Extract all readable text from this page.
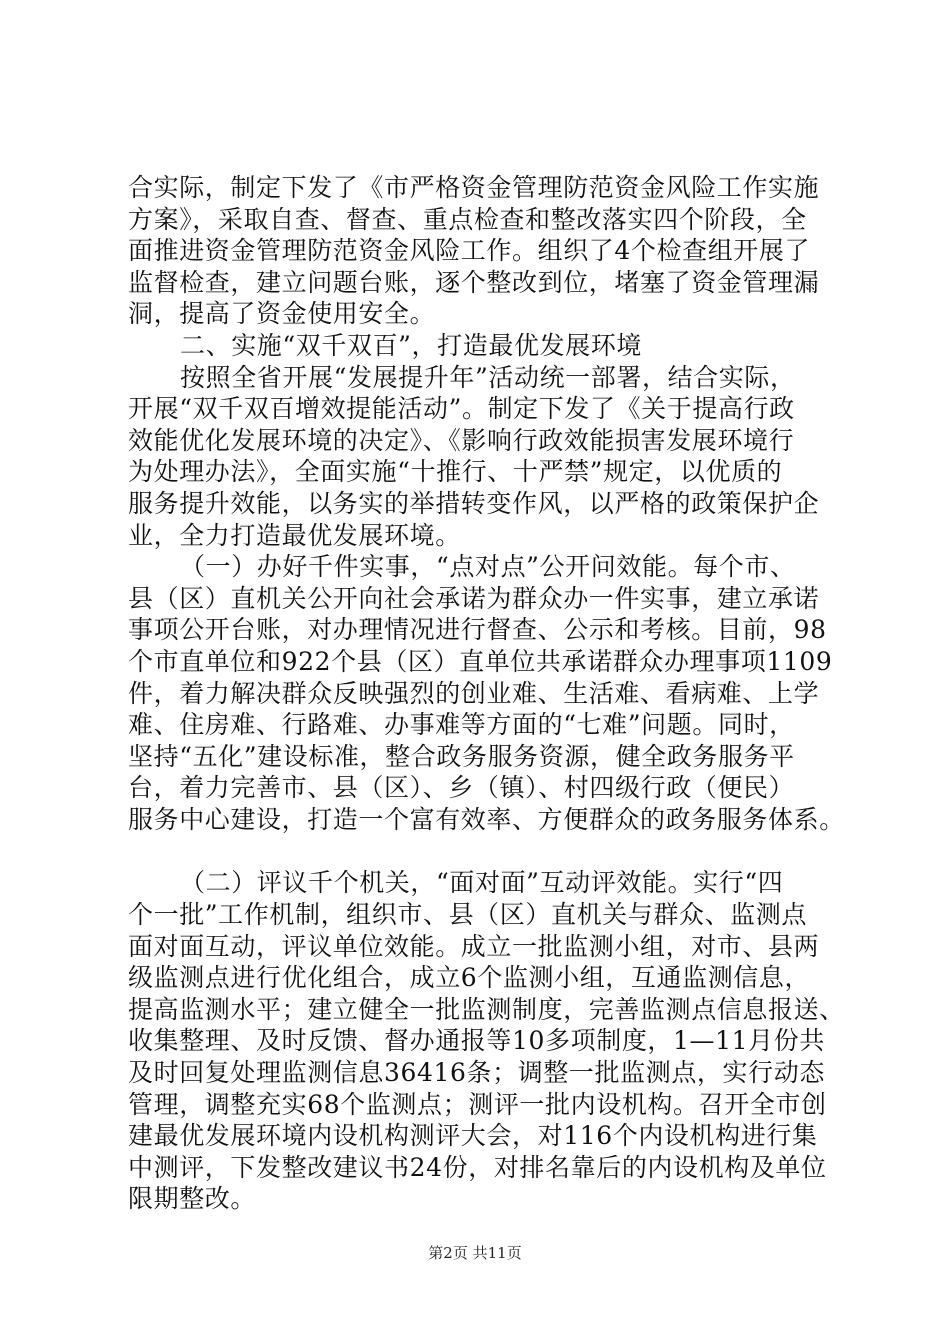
合实际，制定下发了《市严格资金管理防范资金风险工作实施
方案》，采取自查、督查、重点检查和整改落实四个阶段，全
面推进资金管理防范资金风险工作。组织了4个检查组开展了
监督检查，建立问题台账，逐个整改到位，堵塞了资金管理漏
洞，提高了资金使用安全。
二、实施“双千双百”，打造最优发展环境
按照全省开展“发展提升年”活动统一部署，结合实际，
开展“双千双百增效提能活动”。制定下发了《关于提高行政
效能优化发展环境的决定》、《影响行政效能损害发展环境行
为处理办法》，全面实施“十推行、十严禁”规定，以优质的
服务提升效能，以务实的举措转变作风，以严格的政策保护企
业，全力打造最优发展环境。
（一）办好千件实事，“点对点”公开问效能。每个市、
县（区）直机关公开向社会承诺为群众办一件实事，建立承诺
事项公开台账，对办理情况进行督查、公示和考核。目前，98
个市直单位和922个县（区）直单位共承诺群众办理事项1109
件，着力解决群众反映强烈的创业难、生活难、看病难、上学
难、住房难、行路难、办事难等方面的“七难”问题。同时，
坚持“五化”建设标准，整合政务服务资源，健全政务服务平
台，着力完善市、县（区）、乡（镇）、村四级行政（便民）
服务中心建设，打造一个富有效率、方便群众的政务服务体系。
（二）评议千个机关，“面对面”互动评效能。实行“四
个一批”工作机制，组织市、县（区）直机关与群众、监测点
面对面互动，评议单位效能。成立一批监测小组，对市、县两
级监测点进行优化组合，成立6个监测小组，互通监测信息，
提高监测水平；建立健全一批监测制度，完善监测点信息报送、
收集整理、及时反馈、督办通报等10多项制度，1—11月份共
及时回复处理监测信息36416条；调整一批监测点，实行动态
管理，调整充实68个监测点；测评一批内设机构。召开全市创
建最优发展环境内设机构测评大会，对116个内设机构进行集
中测评，下发整改建议书24份，对排名靠后的内设机构及单位
限期整改。
第2页 共11页
